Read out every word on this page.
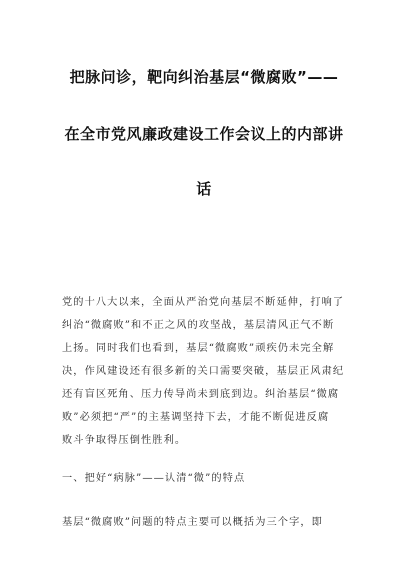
把脉问诊，靶向纠治基层“微腐败”——
在全市党风廉政建设工作会议上的内部讲
话
党的十八大以来，全面从严治党向基层不断延伸，打响了
纠治“微腐败”和不正之风的攻坚战，基层清风正气不断
上扬。同时我们也看到，基层“微腐败”顽疾仍未完全解
决，作风建设还有很多新的关口需要突破，基层正风肃纪
还有盲区死角、压力传导尚未到底到边。纠治基层“微腐
败”必须把“严”的主基调坚持下去，才能不断促进反腐
败斗争取得压倒性胜利。
一、把好“病脉”——认清“微”的特点
基层“微腐败”问题的特点主要可以概括为三个字，即
